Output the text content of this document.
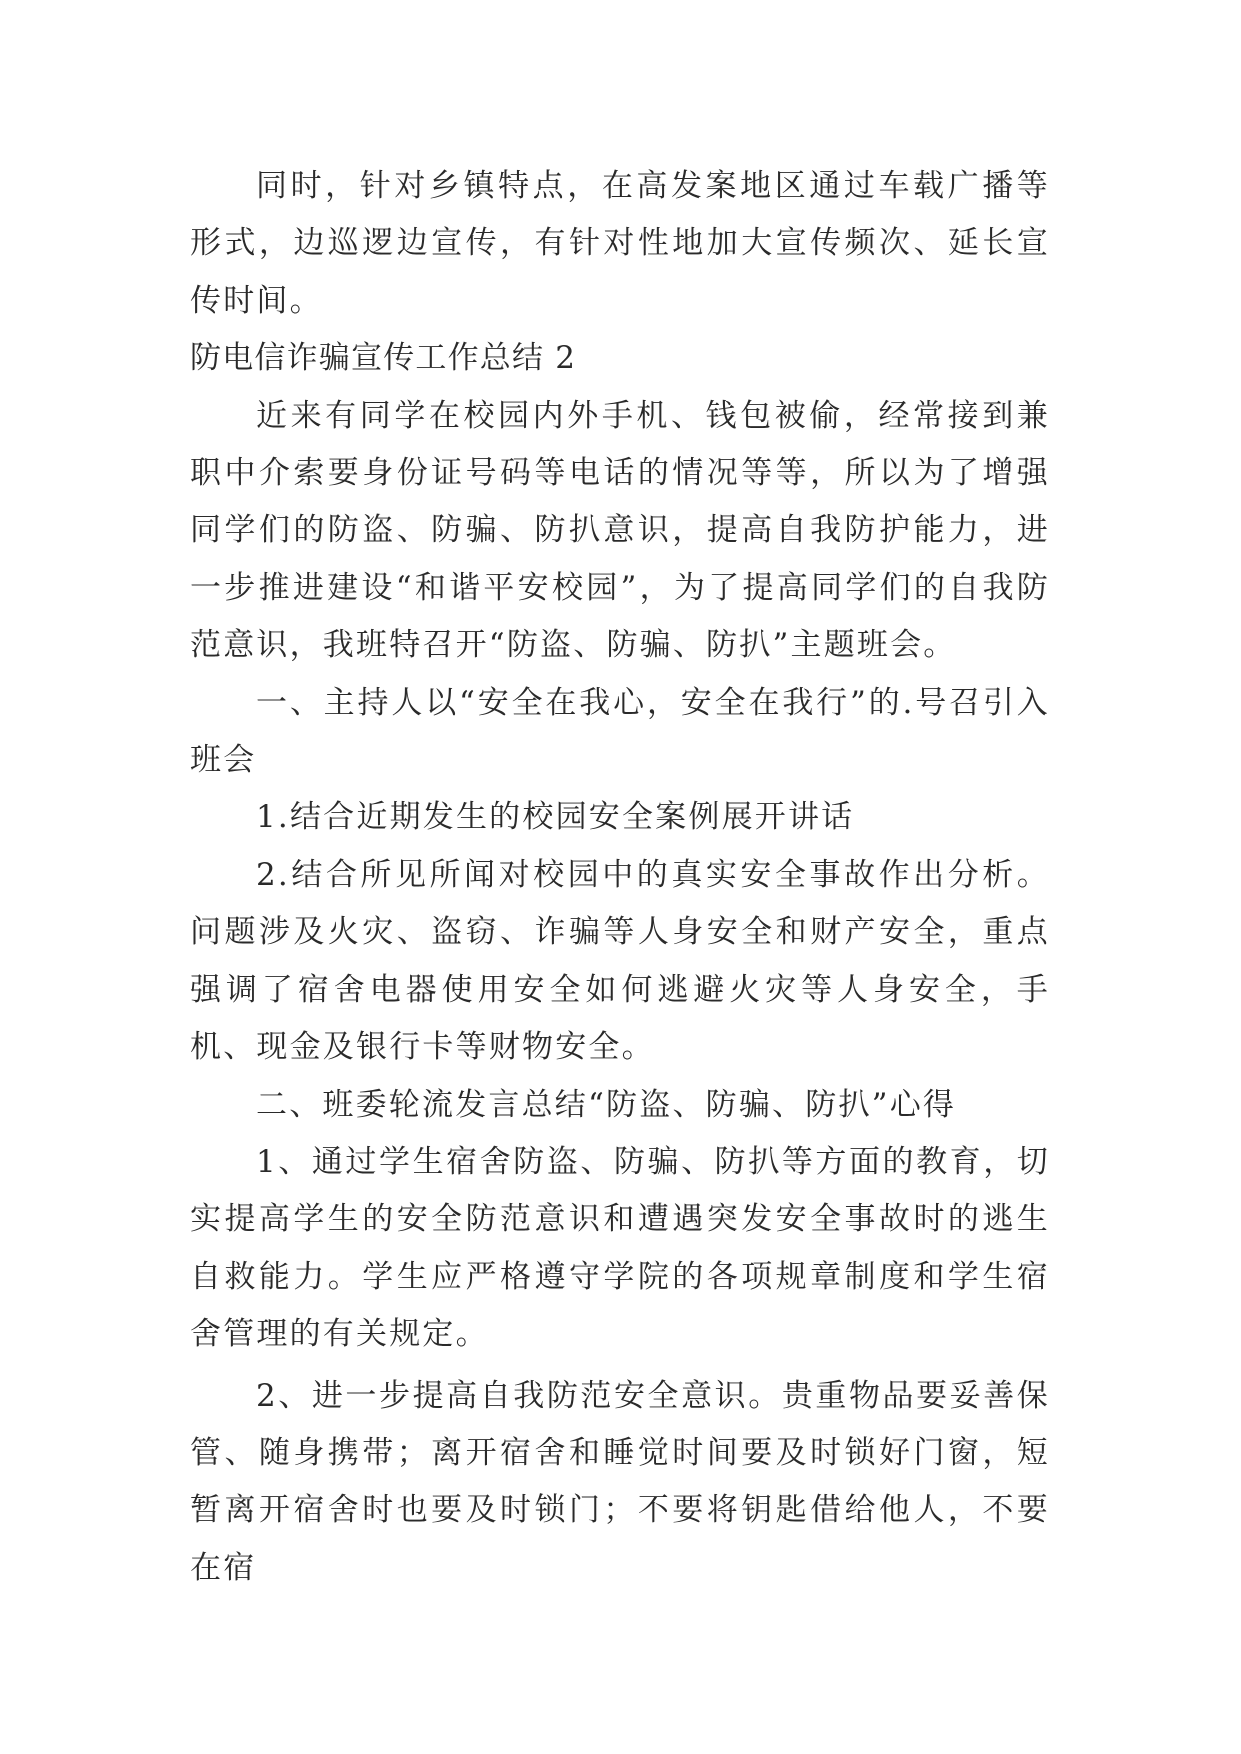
同时，针对乡镇特点，在高发案地区通过车载广播等形式，边巡逻边宣传，有针对性地加大宣传频次、延长宣传时间。

防电信诈骗宣传工作总结 2

近来有同学在校园内外手机、钱包被偷，经常接到兼职中介索要身份证号码等电话的情况等等，所以为了增强同学们的防盗、防骗、防扒意识，提高自我防护能力，进一步推进建设“和谐平安校园”，为了提高同学们的自我防范意识，我班特召开“防盗、防骗、防扒”主题班会。

一、主持人以“安全在我心，安全在我行”的.号召引入班会

1.结合近期发生的校园安全案例展开讲话

2.结合所见所闻对校园中的真实安全事故作出分析。问题涉及火灾、盗窃、诈骗等人身安全和财产安全，重点强调了宿舍电器使用安全如何逃避火灾等人身安全，手机、现金及银行卡等财物安全。

二、班委轮流发言总结“防盗、防骗、防扒”心得

1、通过学生宿舍防盗、防骗、防扒等方面的教育，切实提高学生的安全防范意识和遭遇突发安全事故时的逃生自救能力。学生应严格遵守学院的各项规章制度和学生宿舍管理的有关规定。

2、进一步提高自我防范安全意识。贵重物品要妥善保管、随身携带；离开宿舍和睡觉时间要及时锁好门窗，短暂离开宿舍时也要及时锁门；不要将钥匙借给他人，不要在宿
